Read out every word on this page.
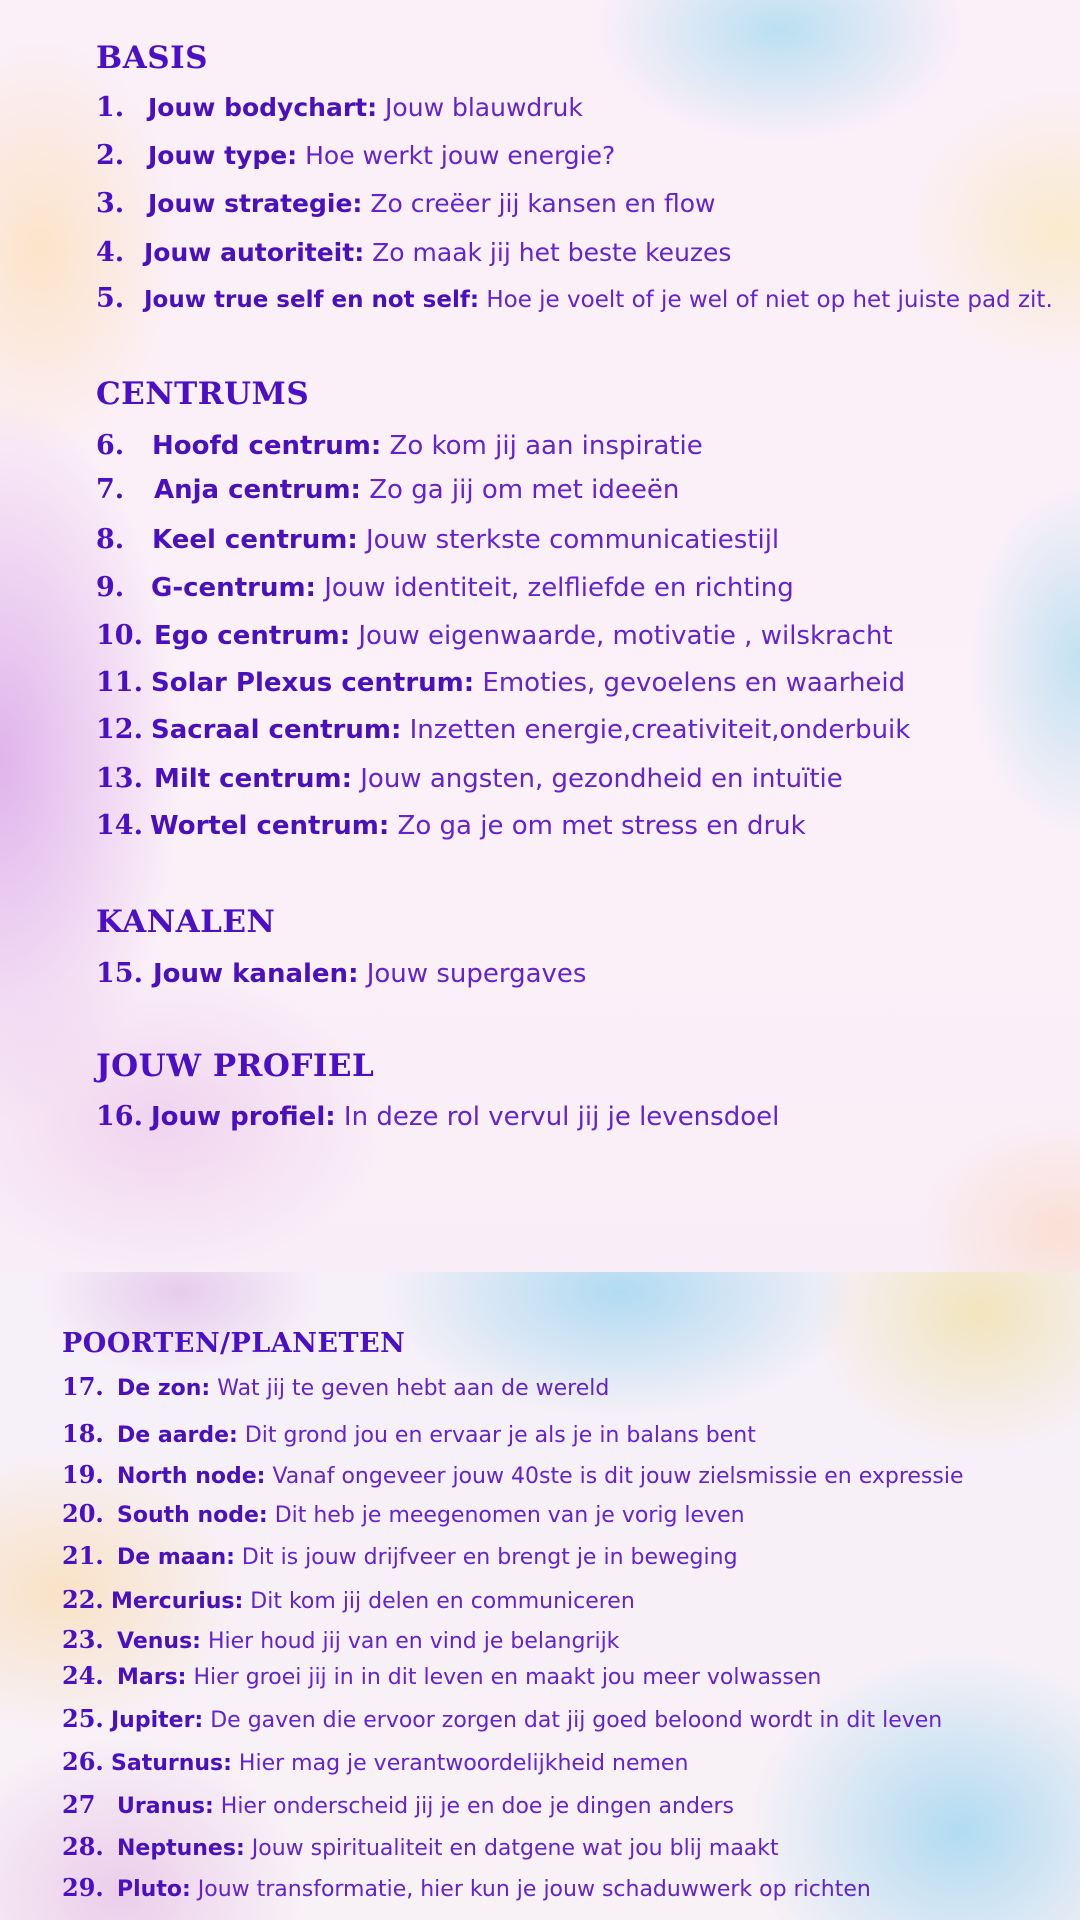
BASIS
1. Jouw bodychart: Jouw blauwdruk
2. Jouw type: Hoe werkt jouw energie?
3. Jouw strategie: Zo creëer jij kansen en flow
4. Jouw autoriteit: Zo maak jij het beste keuzes
5. Jouw true self en not self: Hoe je voelt of je wel of niet op het juiste pad zit.
CENTRUMS
6. Hoofd centrum: Zo kom jij aan inspiratie
7. Anja centrum: Zo ga jij om met ideeën
8. Keel centrum: Jouw sterkste communicatiestijl
9. G-centrum: Jouw identiteit, zelfliefde en richting
10. Ego centrum: Jouw eigenwaarde, motivatie , wilskracht
11. Solar Plexus centrum: Emoties, gevoelens en waarheid
12. Sacraal centrum: Inzetten energie,creativiteit,onderbuik
13. Milt centrum: Jouw angsten, gezondheid en intuïtie
14. Wortel centrum: Zo ga je om met stress en druk
KANALEN
15. Jouw kanalen: Jouw supergaves
JOUW PROFIEL
16. Jouw profiel: In deze rol vervul jij je levensdoel
POORTEN/PLANETEN
17. De zon: Wat jij te geven hebt aan de wereld
18. De aarde: Dit grond jou en ervaar je als je in balans bent
19. North node: Vanaf ongeveer jouw 40ste is dit jouw zielsmissie en expressie
20. South node: Dit heb je meegenomen van je vorig leven
21. De maan: Dit is jouw drijfveer en brengt je in beweging
22. Mercurius: Dit kom jij delen en communiceren
23. Venus: Hier houd jij van en vind je belangrijk
24. Mars: Hier groei jij in in dit leven en maakt jou meer volwassen
25. Jupiter: De gaven die ervoor zorgen dat jij goed beloond wordt in dit leven
26. Saturnus: Hier mag je verantwoordelijkheid nemen
27 Uranus: Hier onderscheid jij je en doe je dingen anders
28. Neptunes: Jouw spiritualiteit en datgene wat jou blij maakt
29. Pluto: Jouw transformatie, hier kun je jouw schaduwwerk op richten
